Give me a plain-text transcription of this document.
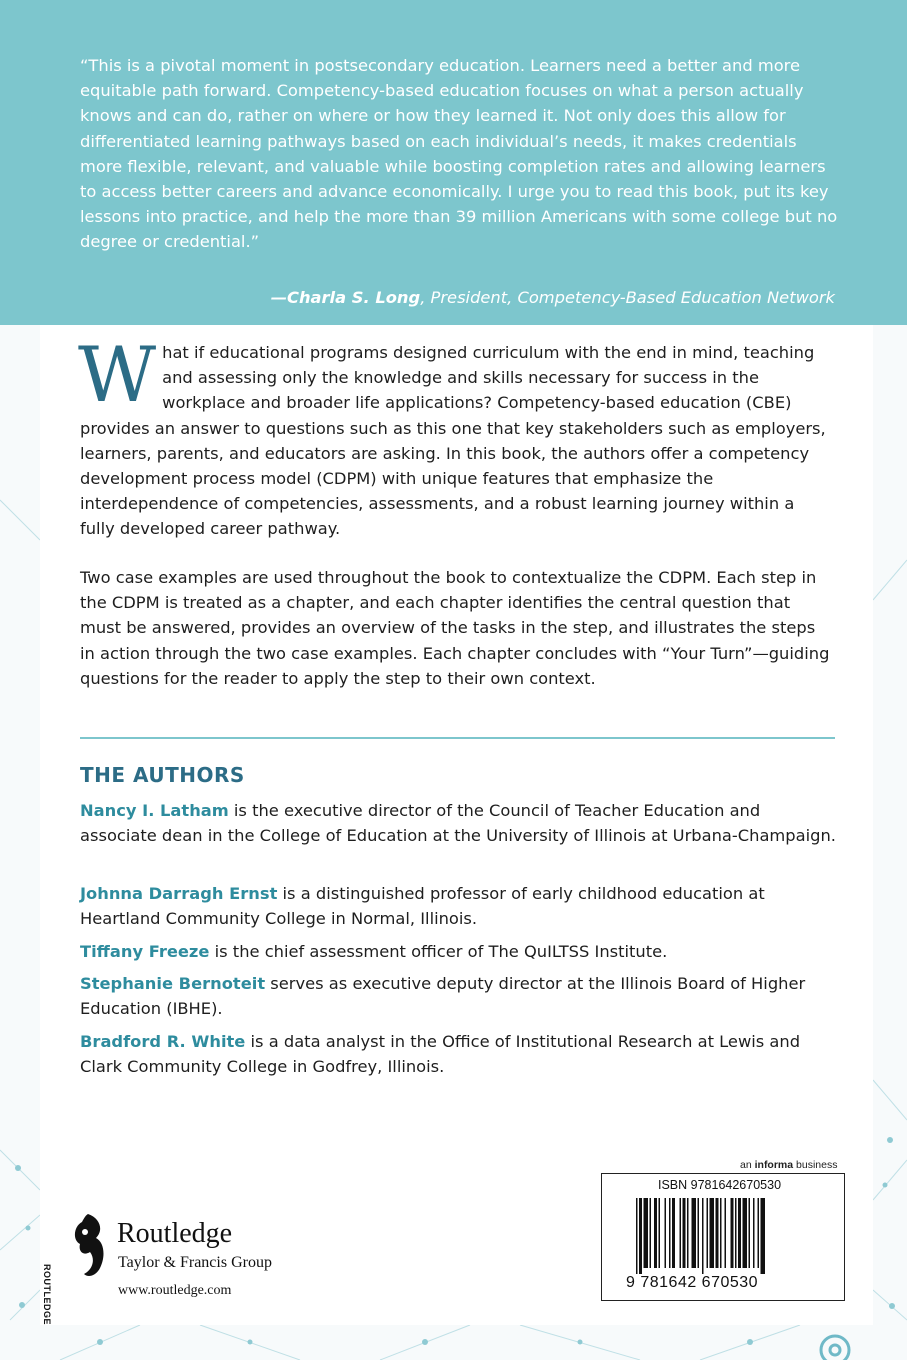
“This is a pivotal moment in postsecondary education. Learners need a better and more equitable path forward. Competency-based education focuses on what a person actually knows and can do, rather on where or how they learned it. Not only does this allow for differentiated learning pathways based on each individual’s needs, it makes credentials more flexible, relevant, and valuable while boosting completion rates and allowing learners to access better careers and advance economically. I urge you to read this book, put its key lessons into practice, and help the more than 39 million Americans with some college but no degree or credential.”

—Charla S. Long, President, Competency-Based Education Network

What if educational programs designed curriculum with the end in mind, teaching and assessing only the knowledge and skills necessary for success in the workplace and broader life applications? Competency-based education (CBE) provides an answer to questions such as this one that key stakeholders such as employers, learners, parents, and educators are asking. In this book, the authors offer a competency development process model (CDPM) with unique features that emphasize the interdependence of competencies, assessments, and a robust learning journey within a fully developed career pathway.

Two case examples are used throughout the book to contextualize the CDPM. Each step in the CDPM is treated as a chapter, and each chapter identifies the central question that must be answered, provides an overview of the tasks in the step, and illustrates the steps in action through the two case examples. Each chapter concludes with “Your Turn”—guiding questions for the reader to apply the step to their own context.

THE AUTHORS

Nancy I. Latham is the executive director of the Council of Teacher Education and associate dean in the College of Education at the University of Illinois at Urbana-Champaign.

Johnna Darragh Ernst is a distinguished professor of early childhood education at Heartland Community College in Normal, Illinois.

Tiffany Freeze is the chief assessment officer of The QuILTSS Institute.

Stephanie Bernoteit serves as executive deputy director at the Illinois Board of Higher Education (IBHE).

Bradford R. White is a data analyst in the Office of Institutional Research at Lewis and Clark Community College in Godfrey, Illinois.

ROUTLEDGE
Routledge
Taylor & Francis Group
www.routledge.com
an informa business
ISBN 9781642670530
9 781642 670530
